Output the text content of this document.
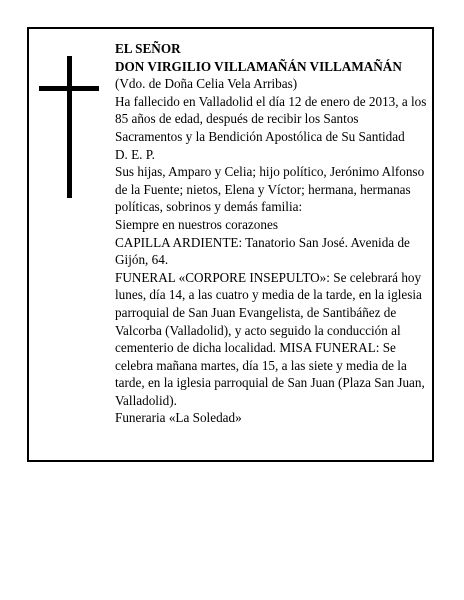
EL SEÑOR

DON VIRGILIO VILLAMAÑÁN VILLAMAÑÁN

(Vdo. de Doña Celia Vela Arribas)

Ha fallecido en Valladolid el día 12 de enero de 2013, a los 85 años de edad, después de recibir los Santos Sacramentos y la Bendición Apostólica de Su Santidad

D. E. P.

Sus hijas, Amparo y Celia; hijo político, Jerónimo Alfonso de la Fuente; nietos, Elena y Víctor; hermana, hermanas políticas, sobrinos y demás familia:

Siempre en nuestros corazones

CAPILLA ARDIENTE: Tanatorio San José. Avenida de Gijón, 64.

FUNERAL «CORPORE INSEPULTO»: Se celebrará hoy lunes, día 14, a las cuatro y media de la tarde, en la iglesia parroquial de San Juan Evangelista, de Santibáñez de Valcorba (Valladolid), y acto seguido la conducción al cementerio de dicha localidad. MISA FUNERAL: Se celebra mañana martes, día 15, a las siete y media de la tarde, en la iglesia parroquial de San Juan (Plaza San Juan, Valladolid).

Funeraria «La Soledad»
